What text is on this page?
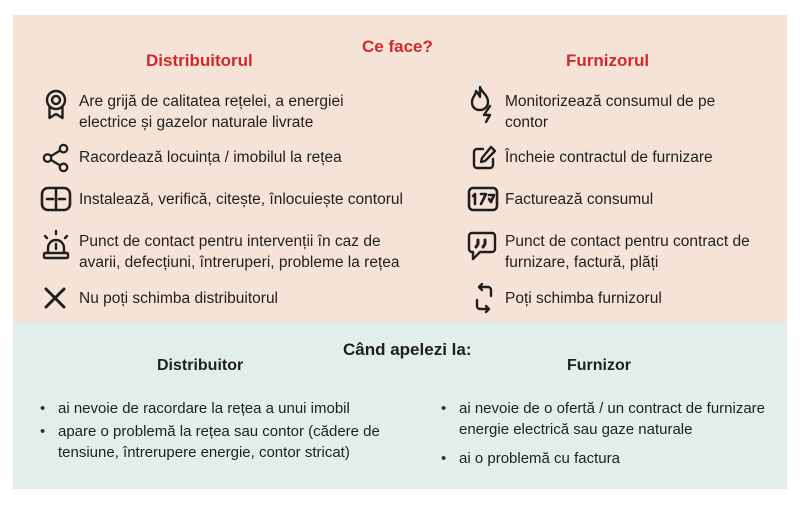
Ce face?
Distribuitorul	Furnizorul
Are grijă de calitatea rețelei, a energiei electrice și gazelor naturale livrate
Racordează locuința / imobilul la rețea
Instalează, verifică, citește, înlocuiește contorul
Punct de contact pentru intervenții în caz de avarii, defecțiuni, întreruperi, probleme la rețea
Nu poți schimba distribuitorul
Monitorizează consumul de pe contor
Încheie contractul de furnizare
Facturează consumul
Punct de contact pentru contract de furnizare, factură, plăți
Poți schimba furnizorul
Când apelezi la:
Distribuitor	Furnizor
• ai nevoie de racordare la rețea a unui imobil
• apare o problemă la rețea sau contor (cădere de tensiune, întrerupere energie, contor stricat)
• ai nevoie de o ofertă / un contract de furnizare energie electrică sau gaze naturale
• ai o problemă cu factura
